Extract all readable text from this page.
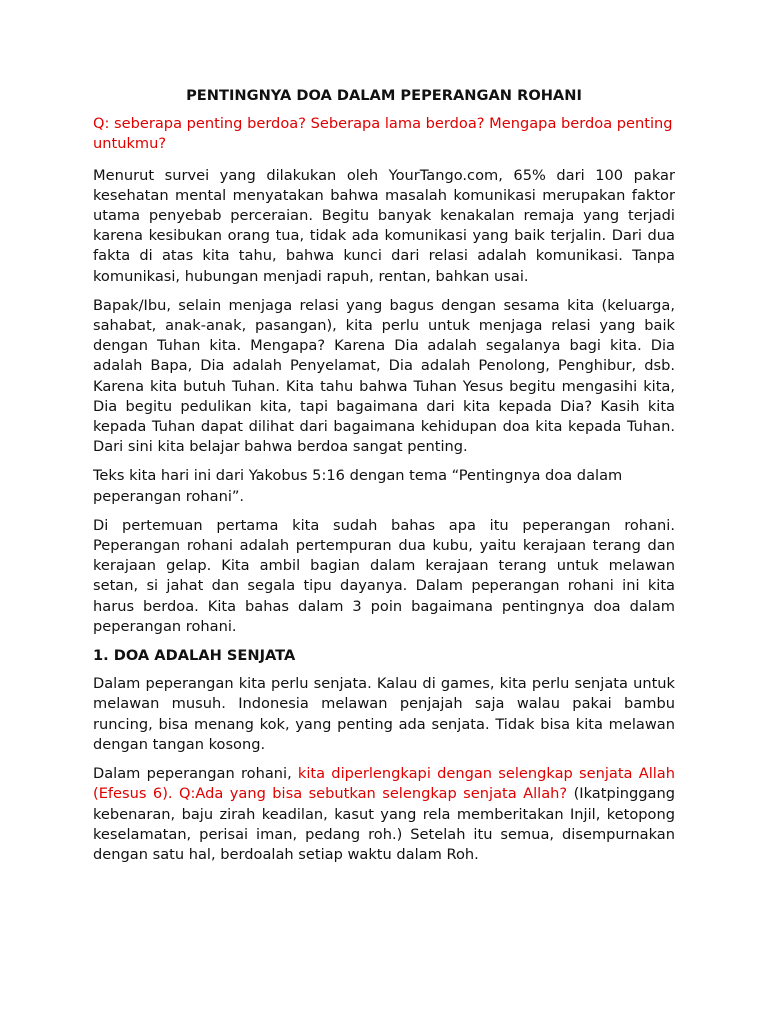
PENTINGNYA DOA DALAM PEPERANGAN ROHANI

Q: seberapa penting berdoa? Seberapa lama berdoa? Mengapa berdoa penting untukmu?

Menurut survei yang dilakukan oleh YourTango.com, 65% dari 100 pakar kesehatan mental menyatakan bahwa masalah komunikasi merupakan faktor utama penyebab perceraian. Begitu banyak kenakalan remaja yang terjadi karena kesibukan orang tua, tidak ada komunikasi yang baik terjalin. Dari dua fakta di atas kita tahu, bahwa kunci dari relasi adalah komunikasi. Tanpa komunikasi, hubungan menjadi rapuh, rentan, bahkan usai.

Bapak/Ibu, selain menjaga relasi yang bagus dengan sesama kita (keluarga, sahabat, anak-anak, pasangan), kita perlu untuk menjaga relasi yang baik dengan Tuhan kita. Mengapa? Karena Dia adalah segalanya bagi kita. Dia adalah Bapa, Dia adalah Penyelamat, Dia adalah Penolong, Penghibur, dsb. Karena kita butuh Tuhan. Kita tahu bahwa Tuhan Yesus begitu mengasihi kita, Dia begitu pedulikan kita, tapi bagaimana dari kita kepada Dia? Kasih kita kepada Tuhan dapat dilihat dari bagaimana kehidupan doa kita kepada Tuhan. Dari sini kita belajar bahwa berdoa sangat penting.

Teks kita hari ini dari Yakobus 5:16 dengan tema “Pentingnya doa dalam peperangan rohani”.

Di pertemuan pertama kita sudah bahas apa itu peperangan rohani. Peperangan rohani adalah pertempuran dua kubu, yaitu kerajaan terang dan kerajaan gelap. Kita ambil bagian dalam kerajaan terang untuk melawan setan, si jahat dan segala tipu dayanya. Dalam peperangan rohani ini kita harus berdoa. Kita bahas dalam 3 poin bagaimana pentingnya doa dalam peperangan rohani.

1. DOA ADALAH SENJATA

Dalam peperangan kita perlu senjata. Kalau di games, kita perlu senjata untuk melawan musuh. Indonesia melawan penjajah saja walau pakai bambu runcing, bisa menang kok, yang penting ada senjata. Tidak bisa kita melawan dengan tangan kosong.

Dalam peperangan rohani, kita diperlengkapi dengan selengkap senjata Allah (Efesus 6). Q:Ada yang bisa sebutkan selengkap senjata Allah? (Ikatpinggang kebenaran, baju zirah keadilan, kasut yang rela memberitakan Injil, ketopong keselamatan, perisai iman, pedang roh.) Setelah itu semua, disempurnakan dengan satu hal, berdoalah setiap waktu dalam Roh.
